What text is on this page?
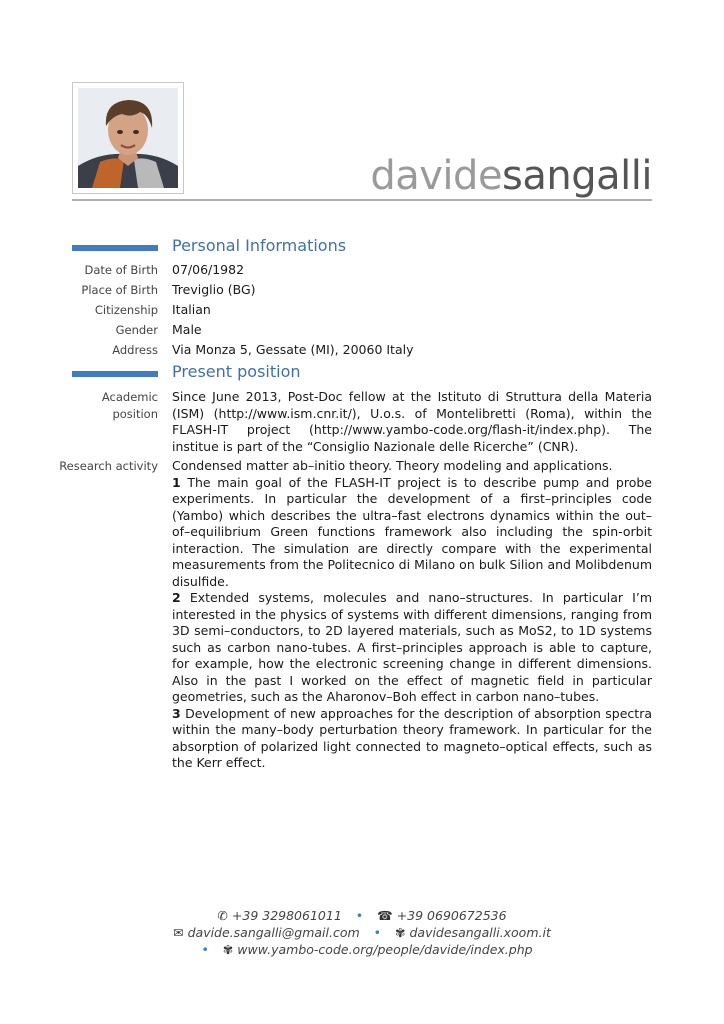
davidesangalli
Personal Informations
Date of Birth 07/06/1982
Place of Birth Treviglio (BG)
Citizenship Italian
Gender Male
Address Via Monza 5, Gessate (MI), 20060 Italy
Present position
Academic
position
Since June 2013, Post-Doc fellow at the Istituto di Struttura della Materia (ISM) (http://www.ism.cnr.it/), U.o.s. of Montelibretti (Roma), within the FLASH-IT project (http://www.yambo-code.org/flash-it/index.php). The institue is part of the “Consiglio Nazionale delle Ricerche” (CNR).
Research activity Condensed matter ab–initio theory. Theory modeling and applications.
1 The main goal of the FLASH-IT project is to describe pump and probe experiments. In particular the development of a first–principles code (Yambo) which describes the ultra–fast electrons dynamics within the out–of–equilibrium Green functions framework also including the spin-orbit interaction. The simulation are directly compare with the experimental measurements from the Politecnico di Milano on bulk Silion and Molibdenum disulfide.
2 Extended systems, molecules and nano–structures. In particular I’m interested in the physics of systems with different dimensions, ranging from 3D semi–conductors, to 2D layered materials, such as MoS2, to 1D systems such as carbon nano-tubes. A first–principles approach is able to capture, for example, how the electronic screening change in different dimensions. Also in the past I worked on the effect of magnetic field in particular geometries, such as the Aharonov–Boh effect in carbon nano–tubes.
3 Development of new approaches for the description of absorption spectra within the many–body perturbation theory framework. In particular for the absorption of polarized light connected to magneto–optical effects, such as the Kerr effect.
✆ +39 3298061011 • ☎ +39 0690672536
✉ davide.sangalli@gmail.com • ✾ davidesangalli.xoom.it
• ✾ www.yambo-code.org/people/davide/index.php
